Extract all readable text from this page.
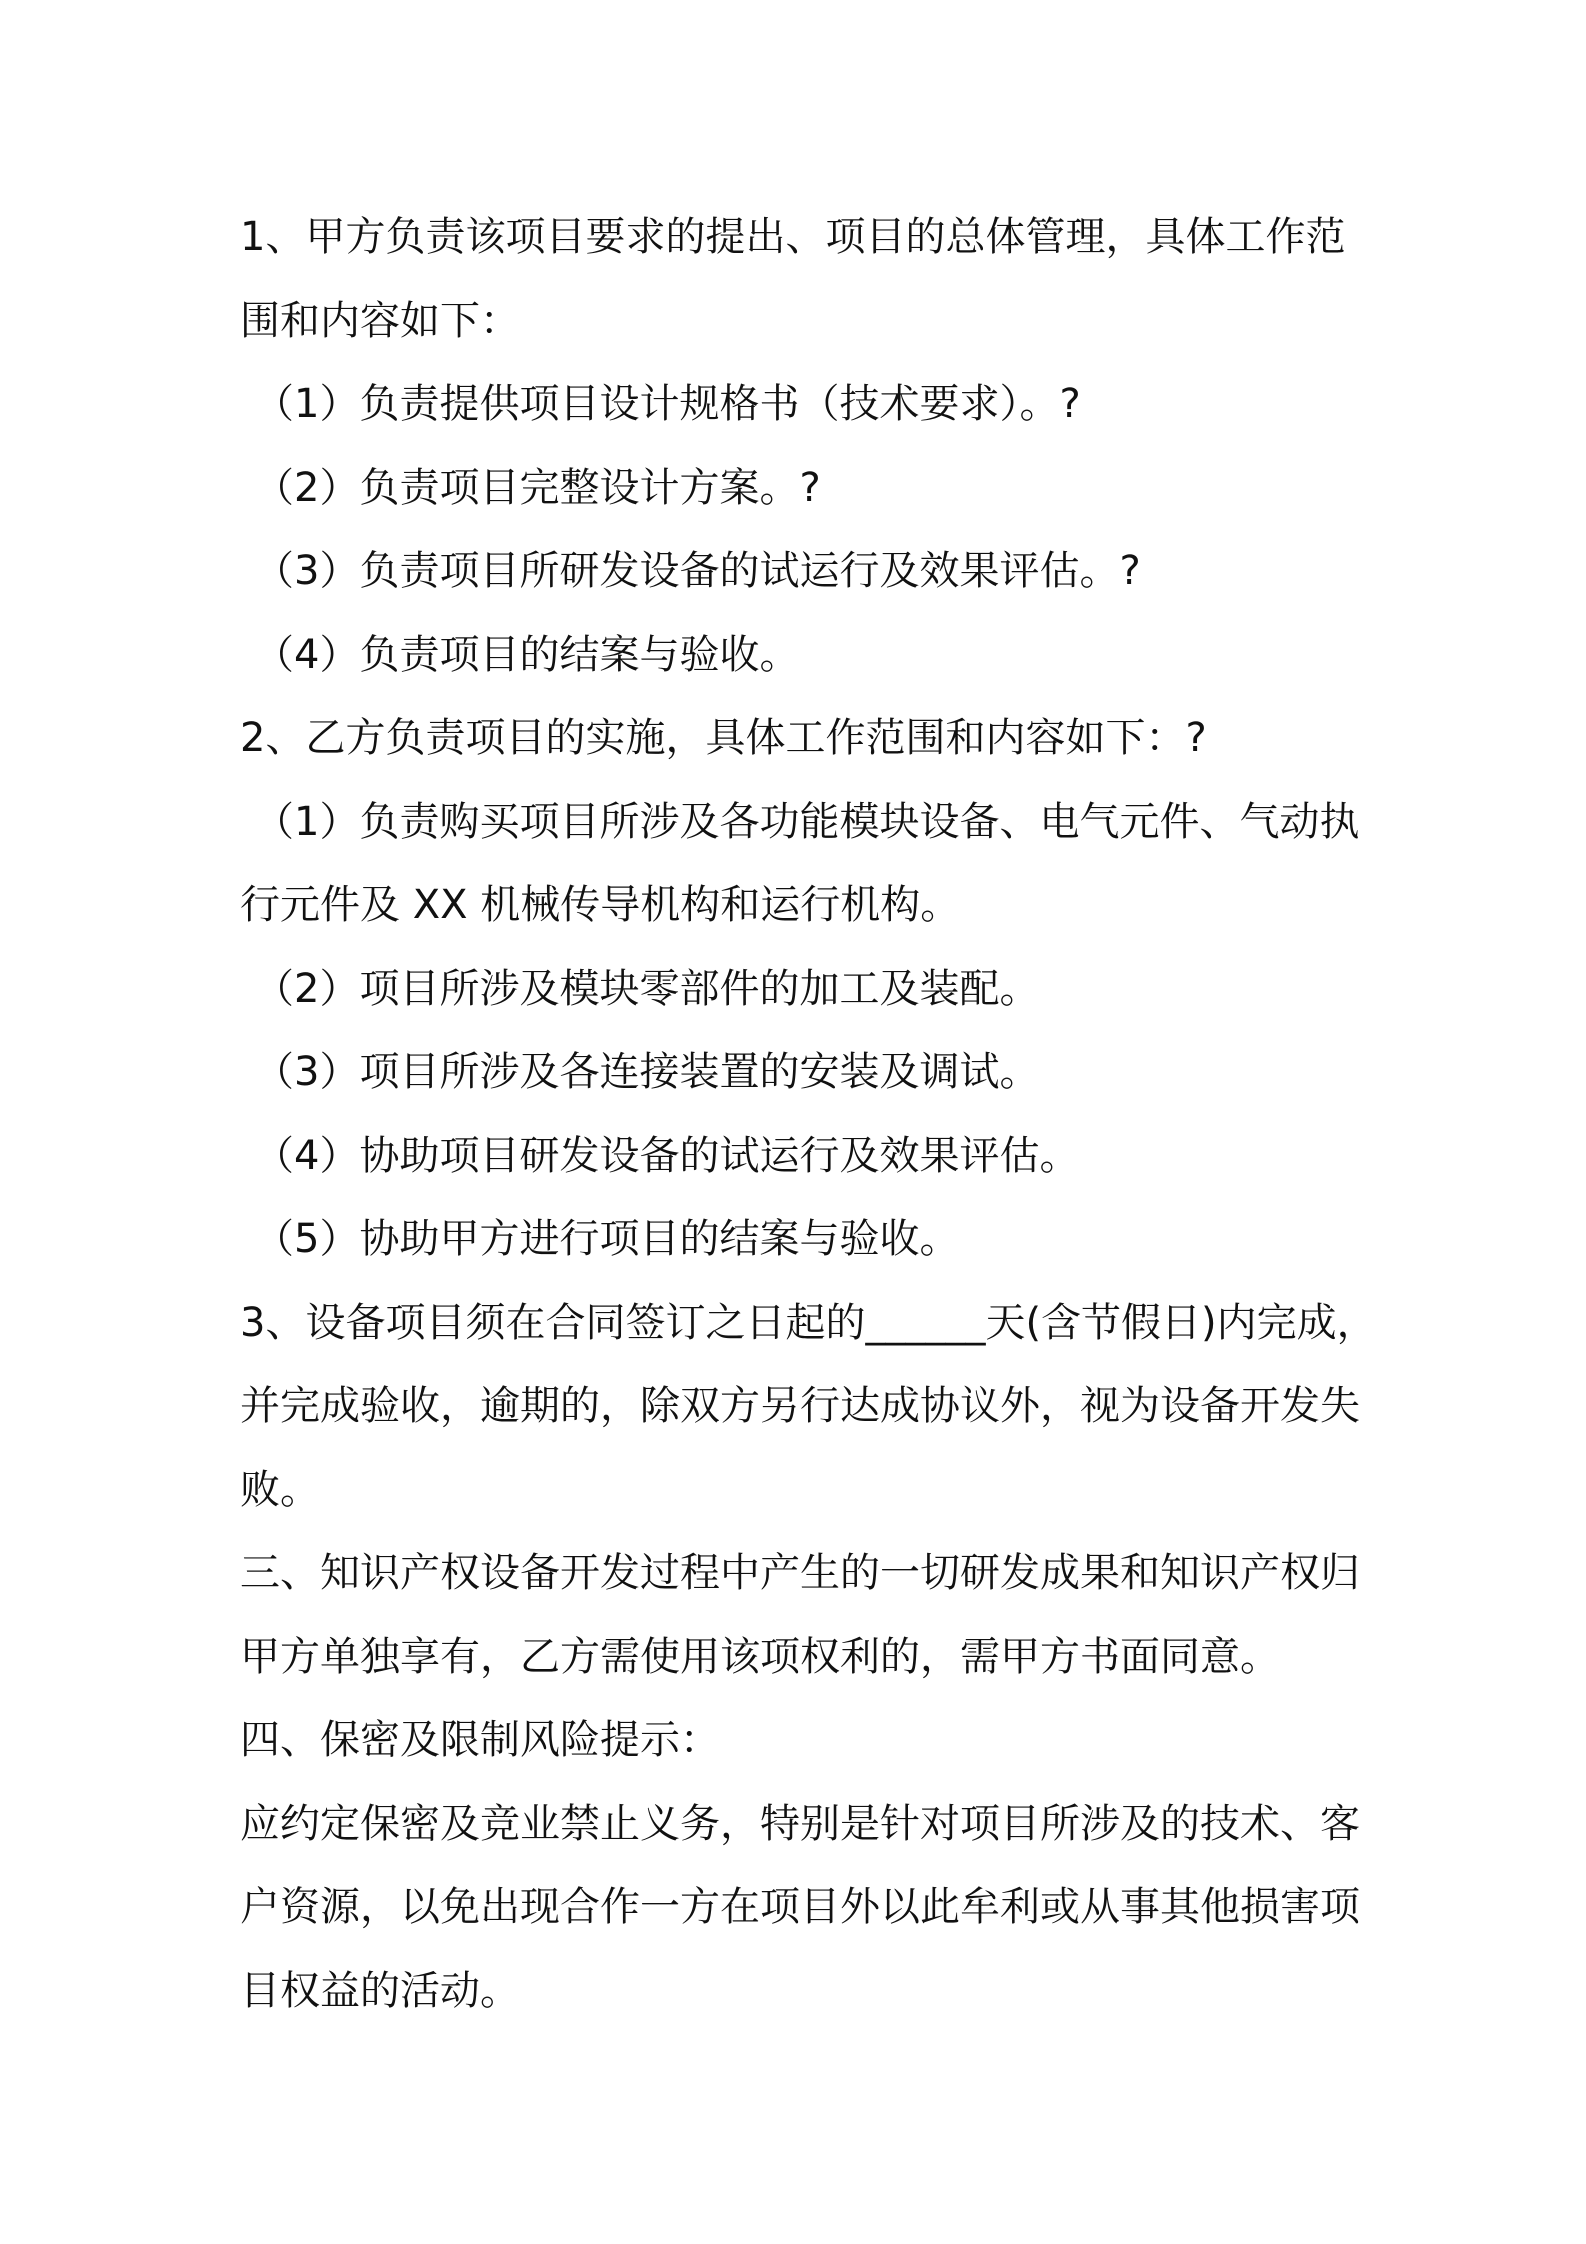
1、甲方负责该项目要求的提出、项目的总体管理，具体工作范
围和内容如下：
（1）负责提供项目设计规格书（技术要求）。?
（2）负责项目完整设计方案。?
（3）负责项目所研发设备的试运行及效果评估。?
（4）负责项目的结案与验收。
2、乙方负责项目的实施，具体工作范围和内容如下：?
（1）负责购买项目所涉及各功能模块设备、电气元件、气动执
行元件及 XX 机械传导机构和运行机构。
（2）项目所涉及模块零部件的加工及装配。
（3）项目所涉及各连接装置的安装及调试。
（4）协助项目研发设备的试运行及效果评估。
（5）协助甲方进行项目的结案与验收。
3、设备项目须在合同签订之日起的______天(含节假日)内完成，
并完成验收，逾期的，除双方另行达成协议外，视为设备开发失
败。
三、知识产权设备开发过程中产生的一切研发成果和知识产权归
甲方单独享有，乙方需使用该项权利的，需甲方书面同意。
四、保密及限制风险提示：
应约定保密及竞业禁止义务，特别是针对项目所涉及的技术、客
户资源，以免出现合作一方在项目外以此牟利或从事其他损害项
目权益的活动。
